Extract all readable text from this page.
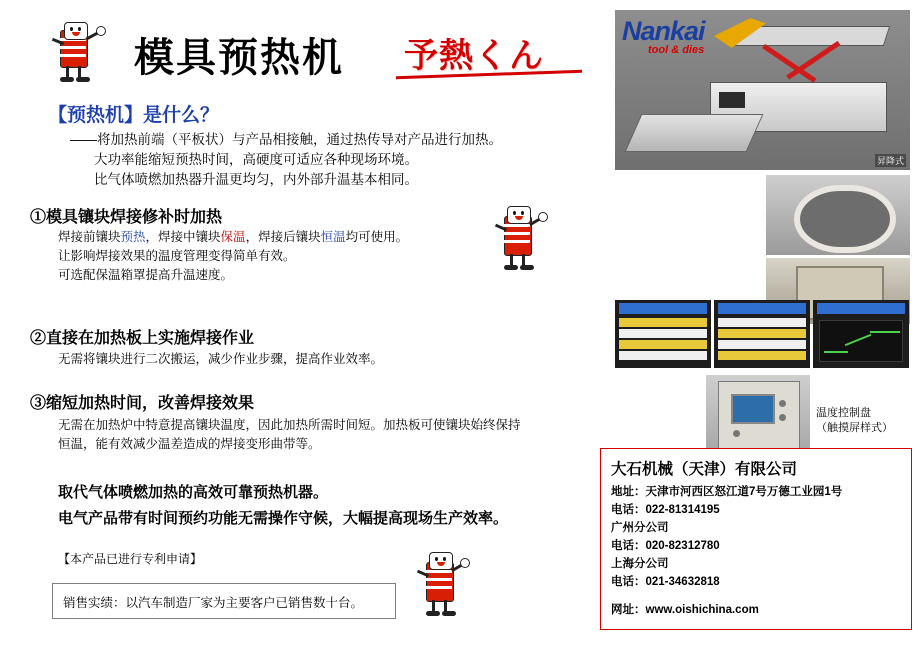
模具预热机 予熱くん
【预热机】是什么？
——将加热前端（平板状）与产品相接触，通过热传导对产品进行加热。
大功率能缩短预热时间，高硬度可适应各种现场环境。
比气体喷燃加热器升温更均匀，内外部升温基本相同。
①模具镶块焊接修补时加热
焊接前镶块预热，焊接中镶块保温，焊接后镶块恒温均可使用。
让影响焊接效果的温度管理变得简单有效。
可选配保温箱罩提高升温速度。
②直接在加热板上实施焊接作业
无需将镶块进行二次搬运，减少作业步骤，提高作业效率。
③缩短加热时间，改善焊接效果
无需在加热炉中特意提高镶块温度，因此加热所需时间短。加热板可使镶块始终保持
恒温，能有效减少温差造成的焊接变形曲带等。
取代气体喷燃加热的高效可靠预热机器。
电气产品带有时间预约功能无需操作守候，大幅提高现场生产效率。
【本产品已进行专利申请】
销售实绩：以汽车制造厂家为主要客户已销售数十台。
昇降式
Nankai
tool & dies
温度控制盘
（触摸屏样式）
大石机械（天津）有限公司
地址：天津市河西区怒江道7号万德工业园1号
电话：022-81314195
广州分公司
电话：020-82312780
上海分公司
电话：021-34632818
网址：www.oishichina.com
